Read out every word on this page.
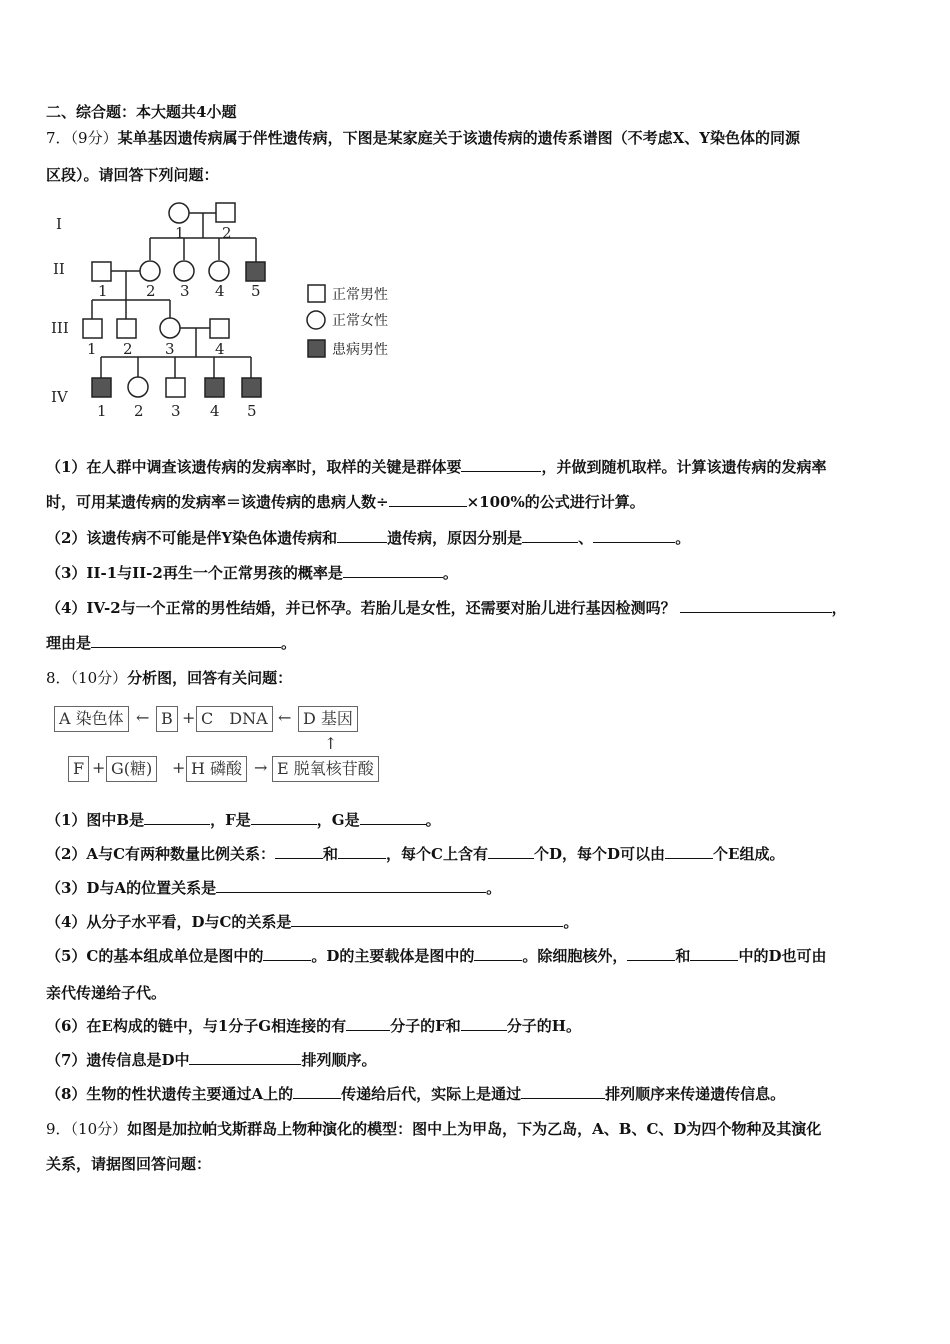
二、综合题：本大题共4小题
7．（9分）某单基因遗传病属于伴性遗传病，下图是某家庭关于该遗传病的遗传系谱图（不考虑X、Y染色体的同源
区段）。请回答下列问题：
I
II
III
IV
1 2
1	2 3 4 5
1 2 3	4
1 2 3 4 5
正常男性
正常女性
患病男性
（1）在人群中调查该遗传病的发病率时，取样的关键是群体要	，并做到随机取样。计算该遗传病的发病率
时，可用某遗传病的发病率＝该遗传病的患病人数÷	×100%的公式进行计算。
（2）该遗传病不可能是伴Y染色体遗传病和	遗传病，原因分别是	、	。
（3）II-1与II-2再生一个正常男孩的概率是	。
（4）IV-2与一个正常的男性结婚，并已怀孕。若胎儿是女性，还需要对胎儿进行基因检测吗？	，
理由是	。
8．（10分）分析图，回答有关问题：
A 染色体 ← B + C　DNA ← D 基因
↑
F + G(糖)	+ H 磷酸 → E 脱氧核苷酸
（1）图中B是	，F是	，G是	。
（2）A与C有两种数量比例关系：	和	，每个C上含有	个D，每个D可以由	个E组成。
（3）D与A的位置关系是	。
（4）从分子水平看，D与C的关系是	。
（5）C的基本组成单位是图中的	。D的主要载体是图中的	。除细胞核外，	和	中的D也可由
亲代传递给子代。
（6）在E构成的链中，与1分子G相连接的有	分子的F和	分子的H。
（7）遗传信息是D中	排列顺序。
（8）生物的性状遗传主要通过A上的	传递给后代，实际上是通过	排列顺序来传递遗传信息。
9．（10分）如图是加拉帕戈斯群岛上物种演化的模型：图中上为甲岛，下为乙岛，A、B、C、D为四个物种及其演化
关系，请据图回答问题：
